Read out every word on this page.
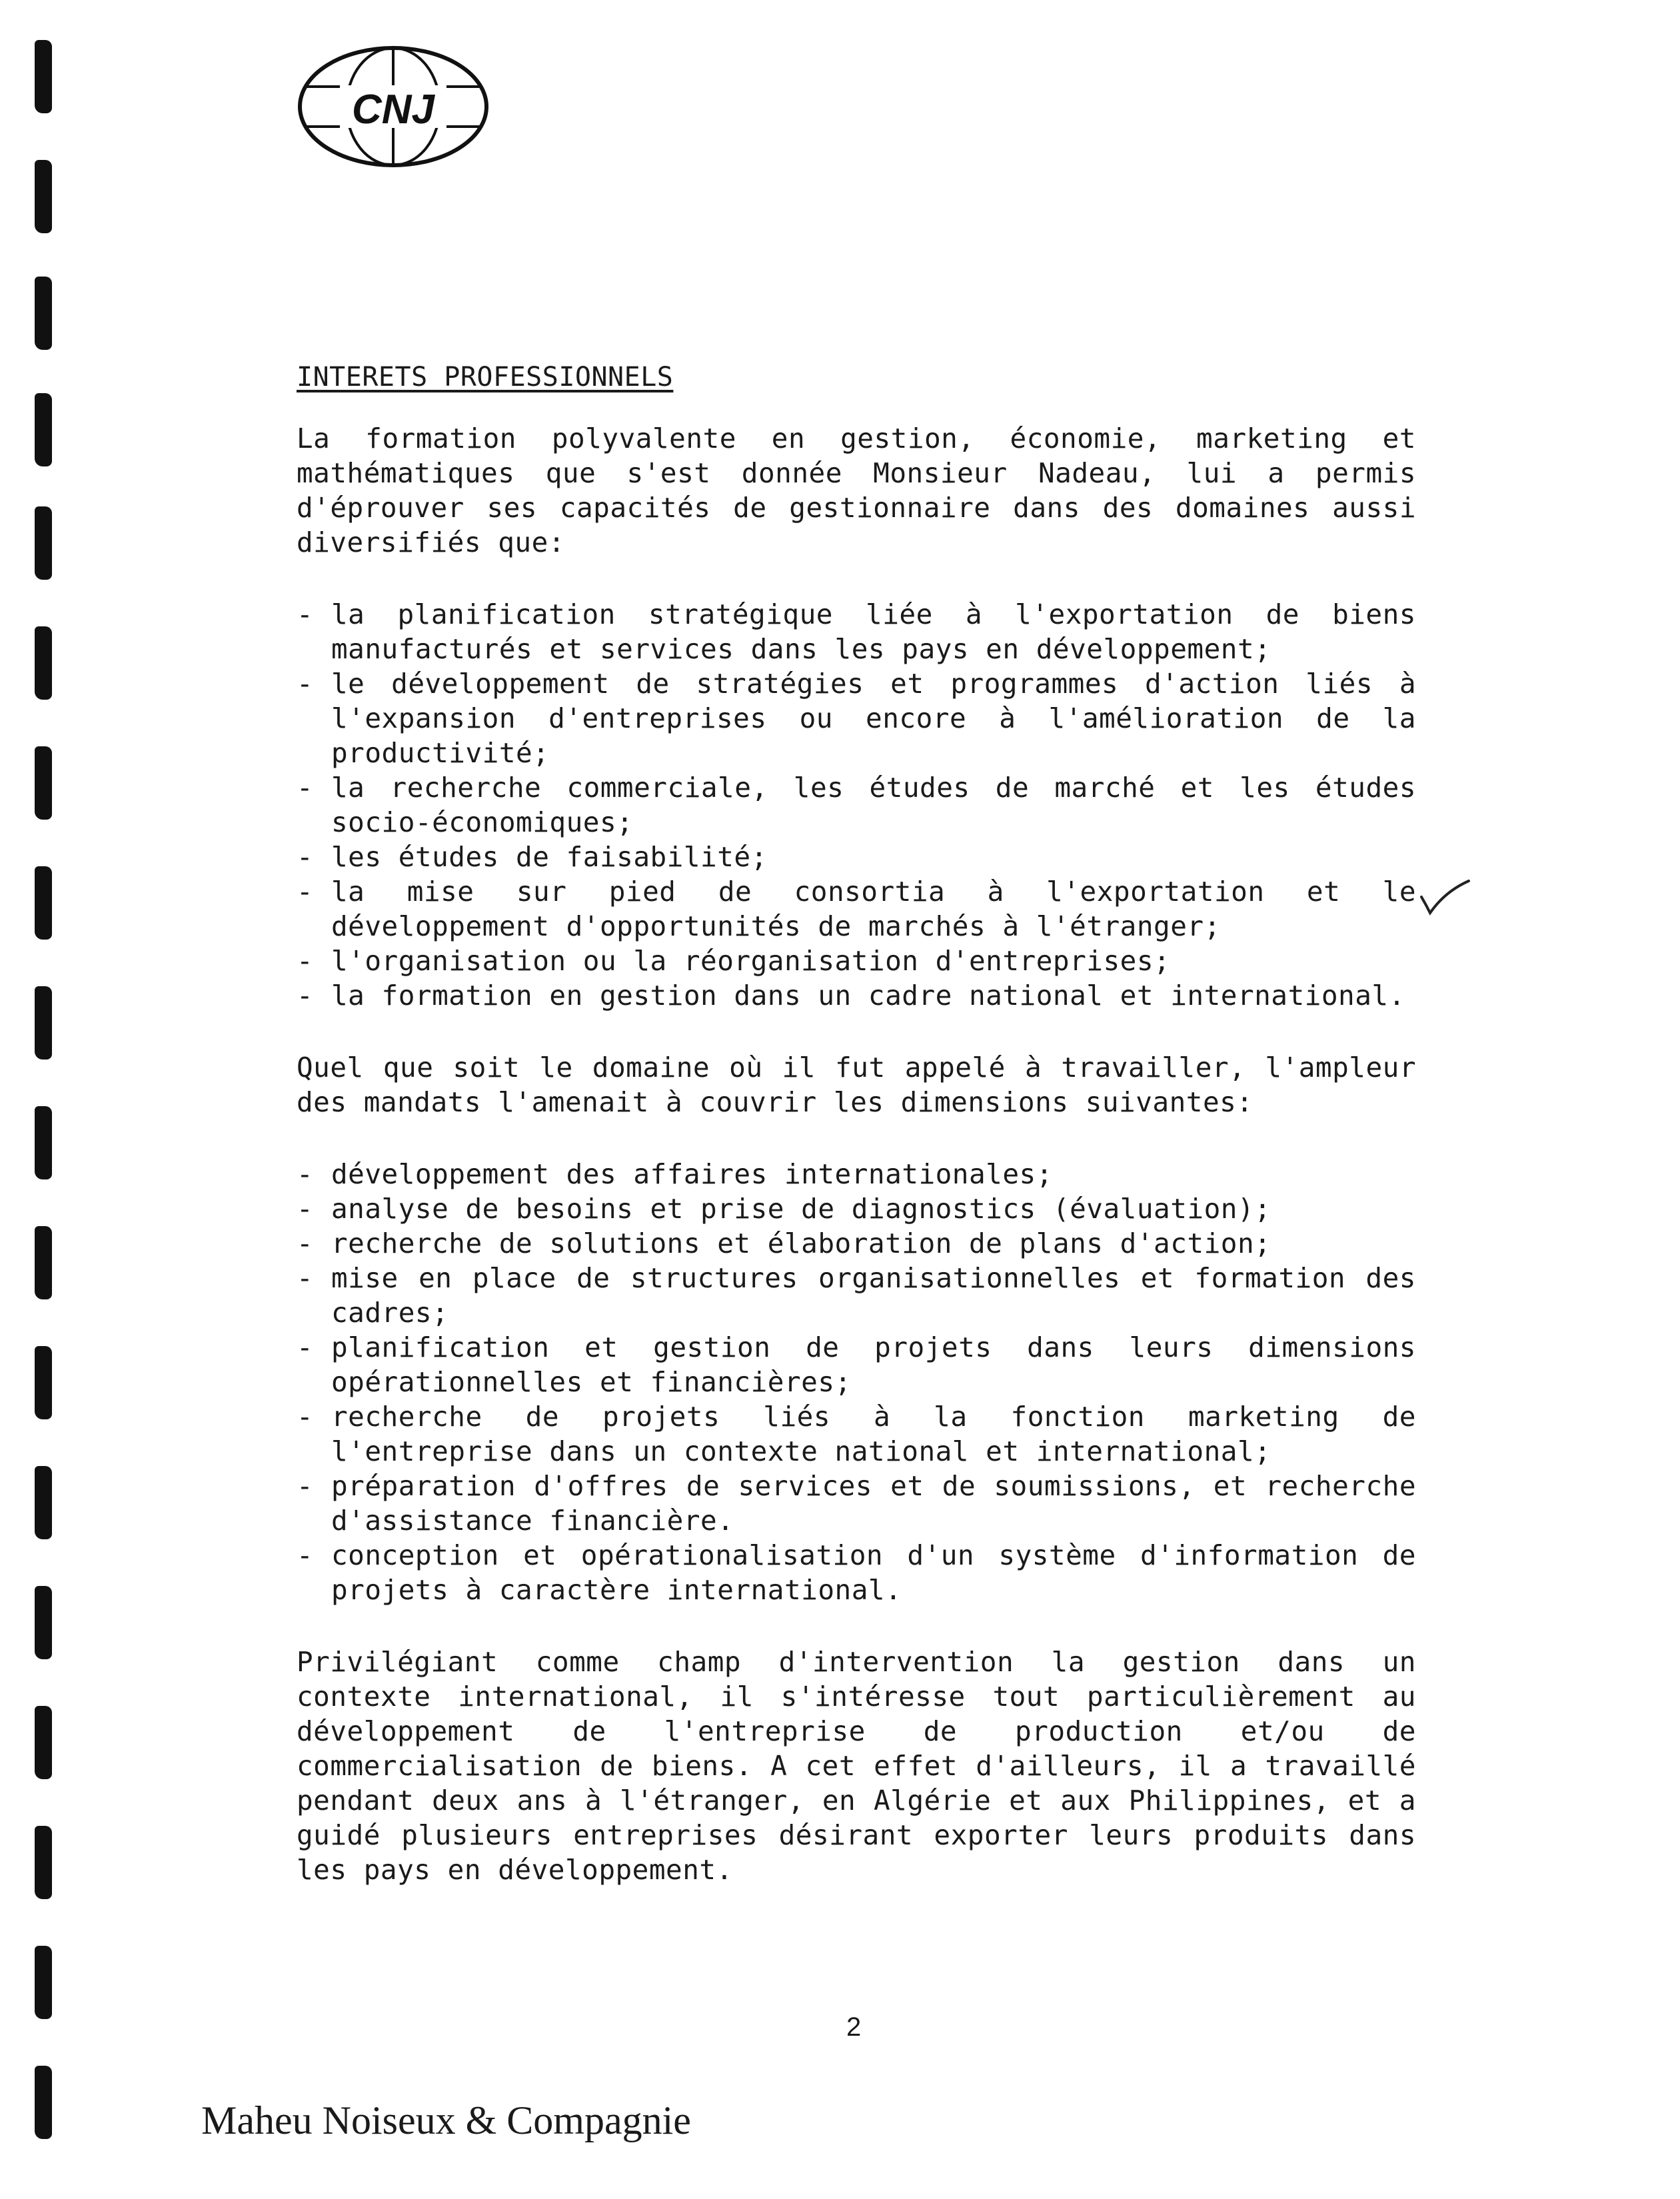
CNJ
INTERETS PROFESSIONNELS

La formation polyvalente en gestion, économie, marketing et mathématiques que s'est donnée Monsieur Nadeau, lui a permis d'éprouver ses capacités de gestionnaire dans des domaines aussi diversifiés que:

- la planification stratégique liée à l'exportation de biens manufacturés et services dans les pays en développement;
- le développement de stratégies et programmes d'action liés à l'expansion d'entreprises ou encore à l'amélioration de la productivité;
- la recherche commerciale, les études de marché et les études socio-économiques;
- les études de faisabilité;
- la mise sur pied de consortia à l'exportation et le développement d'opportunités de marchés à l'étranger;
- l'organisation ou la réorganisation d'entreprises;
- la formation en gestion dans un cadre national et international.

Quel que soit le domaine où il fut appelé à travailler, l'ampleur des mandats l'amenait à couvrir les dimensions suivantes:

- développement des affaires internationales;
- analyse de besoins et prise de diagnostics (évaluation);
- recherche de solutions et élaboration de plans d'action;
- mise en place de structures organisationnelles et formation des cadres;
- planification et gestion de projets dans leurs dimensions opérationnelles et financières;
- recherche de projets liés à la fonction marketing de l'entreprise dans un contexte national et international;
- préparation d'offres de services et de soumissions, et recherche d'assistance financière.
- conception et opérationalisation d'un système d'information de projets à caractère international.

Privilégiant comme champ d'intervention la gestion dans un contexte international, il s'intéresse tout particulièrement au développement de l'entreprise de production et/ou de commercialisation de biens. A cet effet d'ailleurs, il a travaillé pendant deux ans à l'étranger, en Algérie et aux Philippines, et a guidé plusieurs entreprises désirant exporter leurs produits dans les pays en développement.

2
Maheu Noiseux & Compagnie
